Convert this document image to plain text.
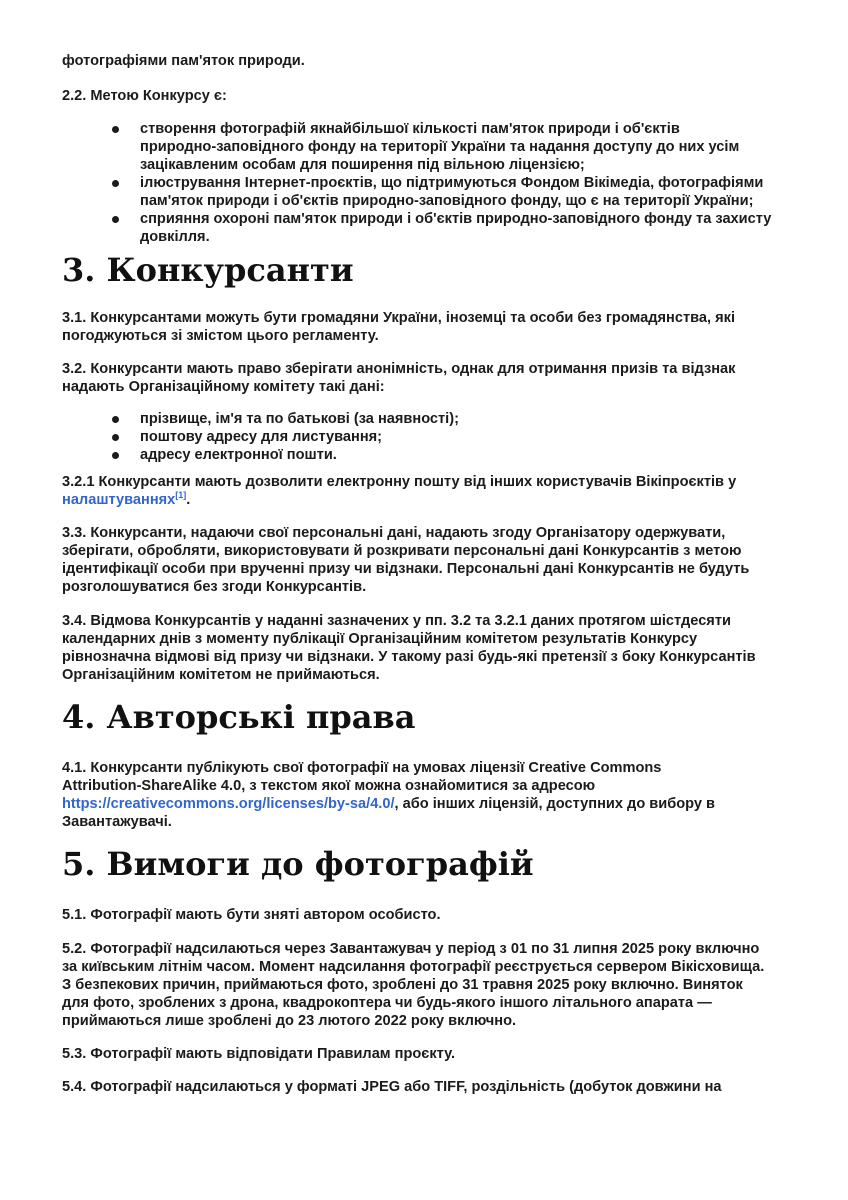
фотографіями пам'яток природи.
2.2. Метою Конкурсу є:
створення фотографій якнайбільшої кількості пам'яток природи і об'єктів
природно-заповідного фонду на території України та надання доступу до них усім
зацікавленим особам для поширення під вільною ліцензією;
ілюстрування Інтернет-проєктів, що підтримуються Фондом Вікімедіа, фотографіями
пам'яток природи і об'єктів природно-заповідного фонду, що є на території України;
сприяння охороні пам'яток природи і об'єктів природно-заповідного фонду та захисту
довкілля.
3. Конкурсанти
3.1. Конкурсантами можуть бути громадяни України, іноземці та особи без громадянства, які
погоджуються зі змістом цього регламенту.
3.2. Конкурсанти мають право зберігати анонімність, однак для отримання призів та відзнак
надають Організаційному комітету такі дані:
прізвище, ім'я та по батькові (за наявності);
поштову адресу для листування;
адресу електронної пошти.
3.2.1 Конкурсанти мають дозволити електронну пошту від інших користувачів Вікіпроєктів у
налаштуваннях[1].
3.3. Конкурсанти, надаючи свої персональні дані, надають згоду Організатору одержувати,
зберігати, обробляти, використовувати й розкривати персональні дані Конкурсантів з метою
ідентифікації особи при врученні призу чи відзнаки. Персональні дані Конкурсантів не будуть
розголошуватися без згоди Конкурсантів.
3.4. Відмова Конкурсантів у наданні зазначених у пп. 3.2 та 3.2.1 даних протягом шістдесяти
календарних днів з моменту публікації Організаційним комітетом результатів Конкурсу
рівнозначна відмові від призу чи відзнаки. У такому разі будь-які претензії з боку Конкурсантів
Організаційним комітетом не приймаються.
4. Авторські права
4.1. Конкурсанти публікують свої фотографії на умовах ліцензії Creative Commons
Attribution-ShareAlike 4.0, з текстом якої можна ознайомитися за адресою
https://creativecommons.org/licenses/by-sa/4.0/, або інших ліцензій, доступних до вибору в
Завантажувачі.
5. Вимоги до фотографій
5.1. Фотографії мають бути зняті автором особисто.
5.2. Фотографії надсилаються через Завантажувач у період з 01 по 31 липня 2025 року включно
за київським літнім часом. Момент надсилання фотографії реєструється сервером Вікісховища.
З безпекових причин, приймаються фото, зроблені до 31 травня 2025 року включно. Виняток
для фото, зроблених з дрона, квадрокоптера чи будь-якого іншого літального апарата —
приймаються лише зроблені до 23 лютого 2022 року включно.
5.3. Фотографії мають відповідати Правилам проєкту.
5.4. Фотографії надсилаються у форматі JPEG або TIFF, роздільність (добуток довжини на
